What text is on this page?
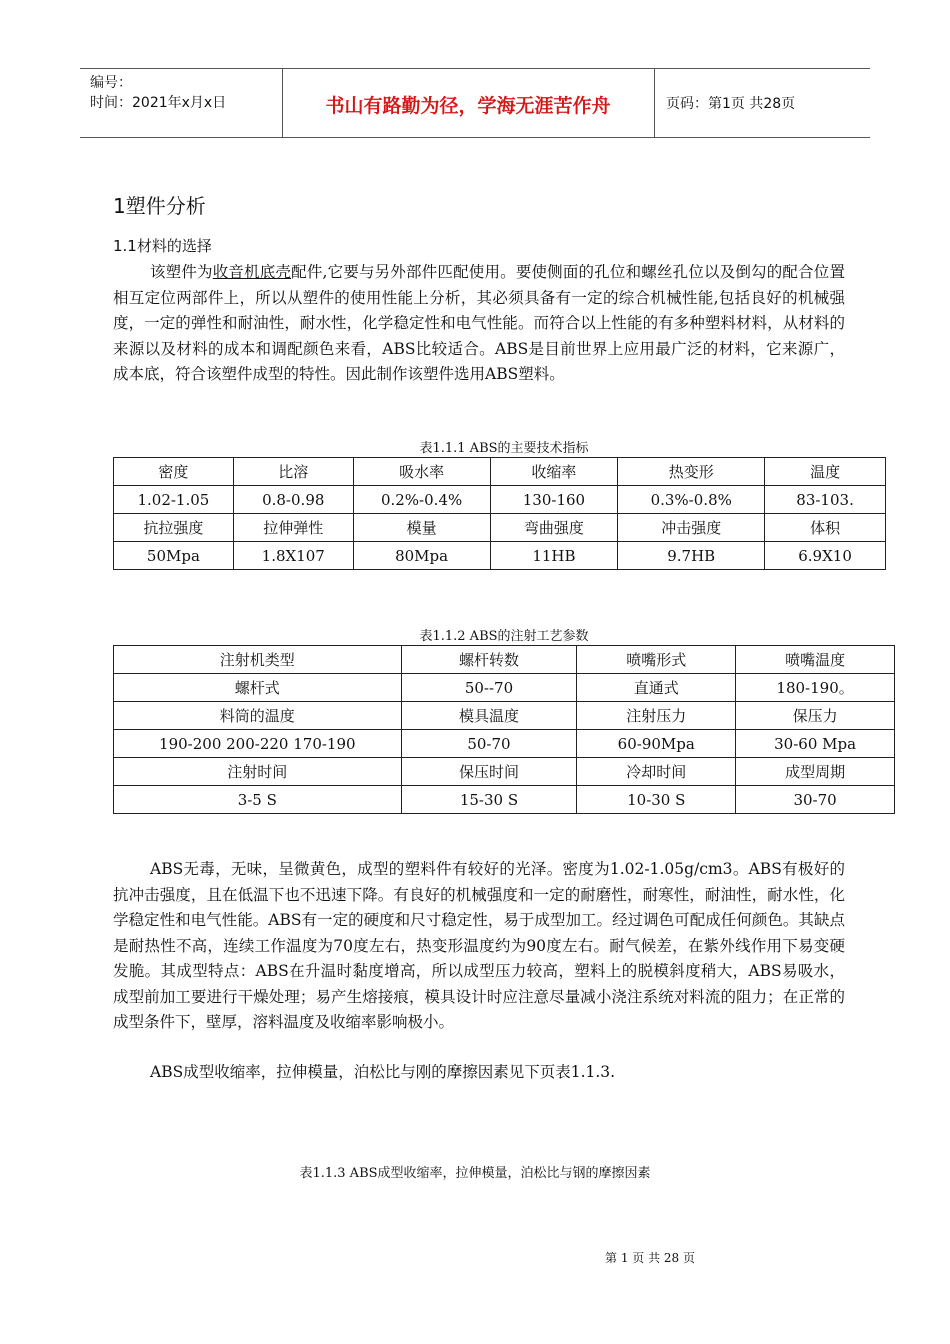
编号：
时间：2021年x月x日	书山有路勤为径，学海无涯苦作舟	页码：第1页 共28页
1塑件分析
1.1材料的选择

该塑件为收音机底壳配件,它要与另外部件匹配使用。要使侧面的孔位和螺丝孔位以及倒勾的配合位置相互定位两部件上，所以从塑件的使用性能上分析，其必须具备有一定的综合机械性能,包括良好的机械强度，一定的弹性和耐油性，耐水性，化学稳定性和电气性能。而符合以上性能的有多种塑料材料，从材料的来源以及材料的成本和调配颜色来看，ABS比较适合。ABS是目前世界上应用最广泛的材料，它来源广，成本底，符合该塑件成型的特性。因此制作该塑件选用ABS塑料。

表1.1.1 ABS的主要技术指标
密度	比溶	吸水率	收缩率	热变形	温度
1.02-1.05	0.8-0.98	0.2%-0.4%	130-160	0.3%-0.8%	83-103.
抗拉强度	拉伸弹性	模量	弯曲强度	冲击强度	体积
50Mpa	1.8X107	80Mpa	11HB	9.7HB	6.9X10
表1.1.2 ABS的注射工艺参数
注射机类型	螺杆转数	喷嘴形式	喷嘴温度
螺杆式	50--70	直通式	180-190。
料筒的温度	模具温度	注射压力	保压力
190-200 200-220 170-190	50-70	60-90Mpa	30-60 Mpa
注射时间	保压时间	冷却时间	成型周期
3-5 S	15-30 S	10-30 S	30-70

ABS无毒，无味，呈微黄色，成型的塑料件有较好的光泽。密度为1.02-1.05g/cm3。ABS有极好的抗冲击强度，且在低温下也不迅速下降。有良好的机械强度和一定的耐磨性，耐寒性，耐油性，耐水性，化学稳定性和电气性能。ABS有一定的硬度和尺寸稳定性，易于成型加工。经过调色可配成任何颜色。其缺点是耐热性不高，连续工作温度为70度左右，热变形温度约为90度左右。耐气候差，在紫外线作用下易变硬发脆。其成型特点：ABS在升温时黏度增高，所以成型压力较高，塑料上的脱模斜度稍大，ABS易吸水，成型前加工要进行干燥处理；易产生熔接痕，模具设计时应注意尽量减小浇注系统对料流的阻力；在正常的成型条件下，壁厚，溶料温度及收缩率影响极小。

ABS成型收缩率，拉伸模量，泊松比与刚的摩擦因素见下页表1.1.3.

表1.1.3 ABS成型收缩率，拉伸模量，泊松比与钢的摩擦因素
第 1 页 共 28 页
